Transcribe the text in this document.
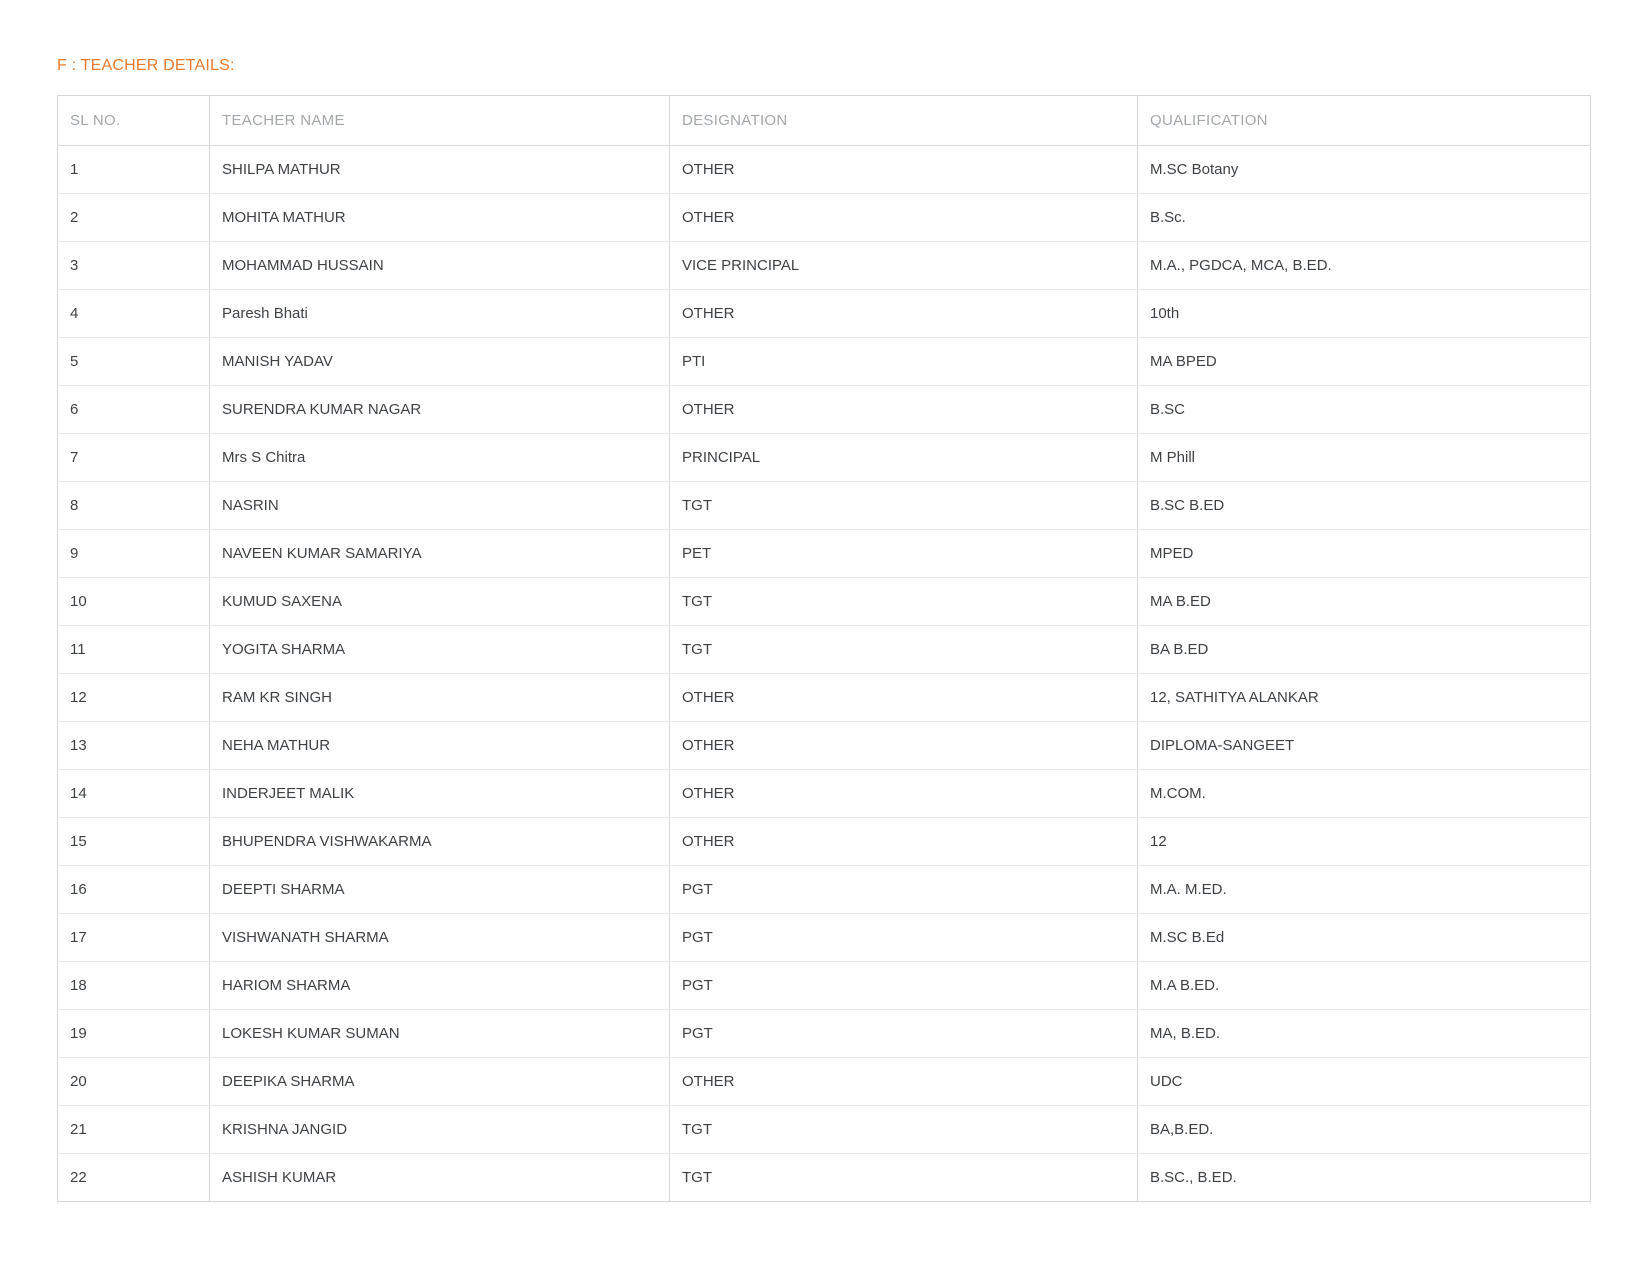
F : TEACHER DETAILS:
SL NO.	TEACHER NAME	DESIGNATION	QUALIFICATION
1	SHILPA MATHUR	OTHER	M.SC Botany
2	MOHITA MATHUR	OTHER	B.Sc.
3	MOHAMMAD HUSSAIN	VICE PRINCIPAL	M.A., PGDCA, MCA, B.ED.
4	Paresh Bhati	OTHER	10th
5	MANISH YADAV	PTI	MA BPED
6	SURENDRA KUMAR NAGAR	OTHER	B.SC
7	Mrs S Chitra	PRINCIPAL	M Phill
8	NASRIN	TGT	B.SC B.ED
9	NAVEEN KUMAR SAMARIYA	PET	MPED
10	KUMUD SAXENA	TGT	MA B.ED
11	YOGITA SHARMA	TGT	BA B.ED
12	RAM KR SINGH	OTHER	12, SATHITYA ALANKAR
13	NEHA MATHUR	OTHER	DIPLOMA-SANGEET
14	INDERJEET MALIK	OTHER	M.COM.
15	BHUPENDRA VISHWAKARMA	OTHER	12
16	DEEPTI SHARMA	PGT	M.A. M.ED.
17	VISHWANATH SHARMA	PGT	M.SC B.Ed
18	HARIOM SHARMA	PGT	M.A B.ED.
19	LOKESH KUMAR SUMAN	PGT	MA, B.ED.
20	DEEPIKA SHARMA	OTHER	UDC
21	KRISHNA JANGID	TGT	BA,B.ED.
22	ASHISH KUMAR	TGT	B.SC., B.ED.
